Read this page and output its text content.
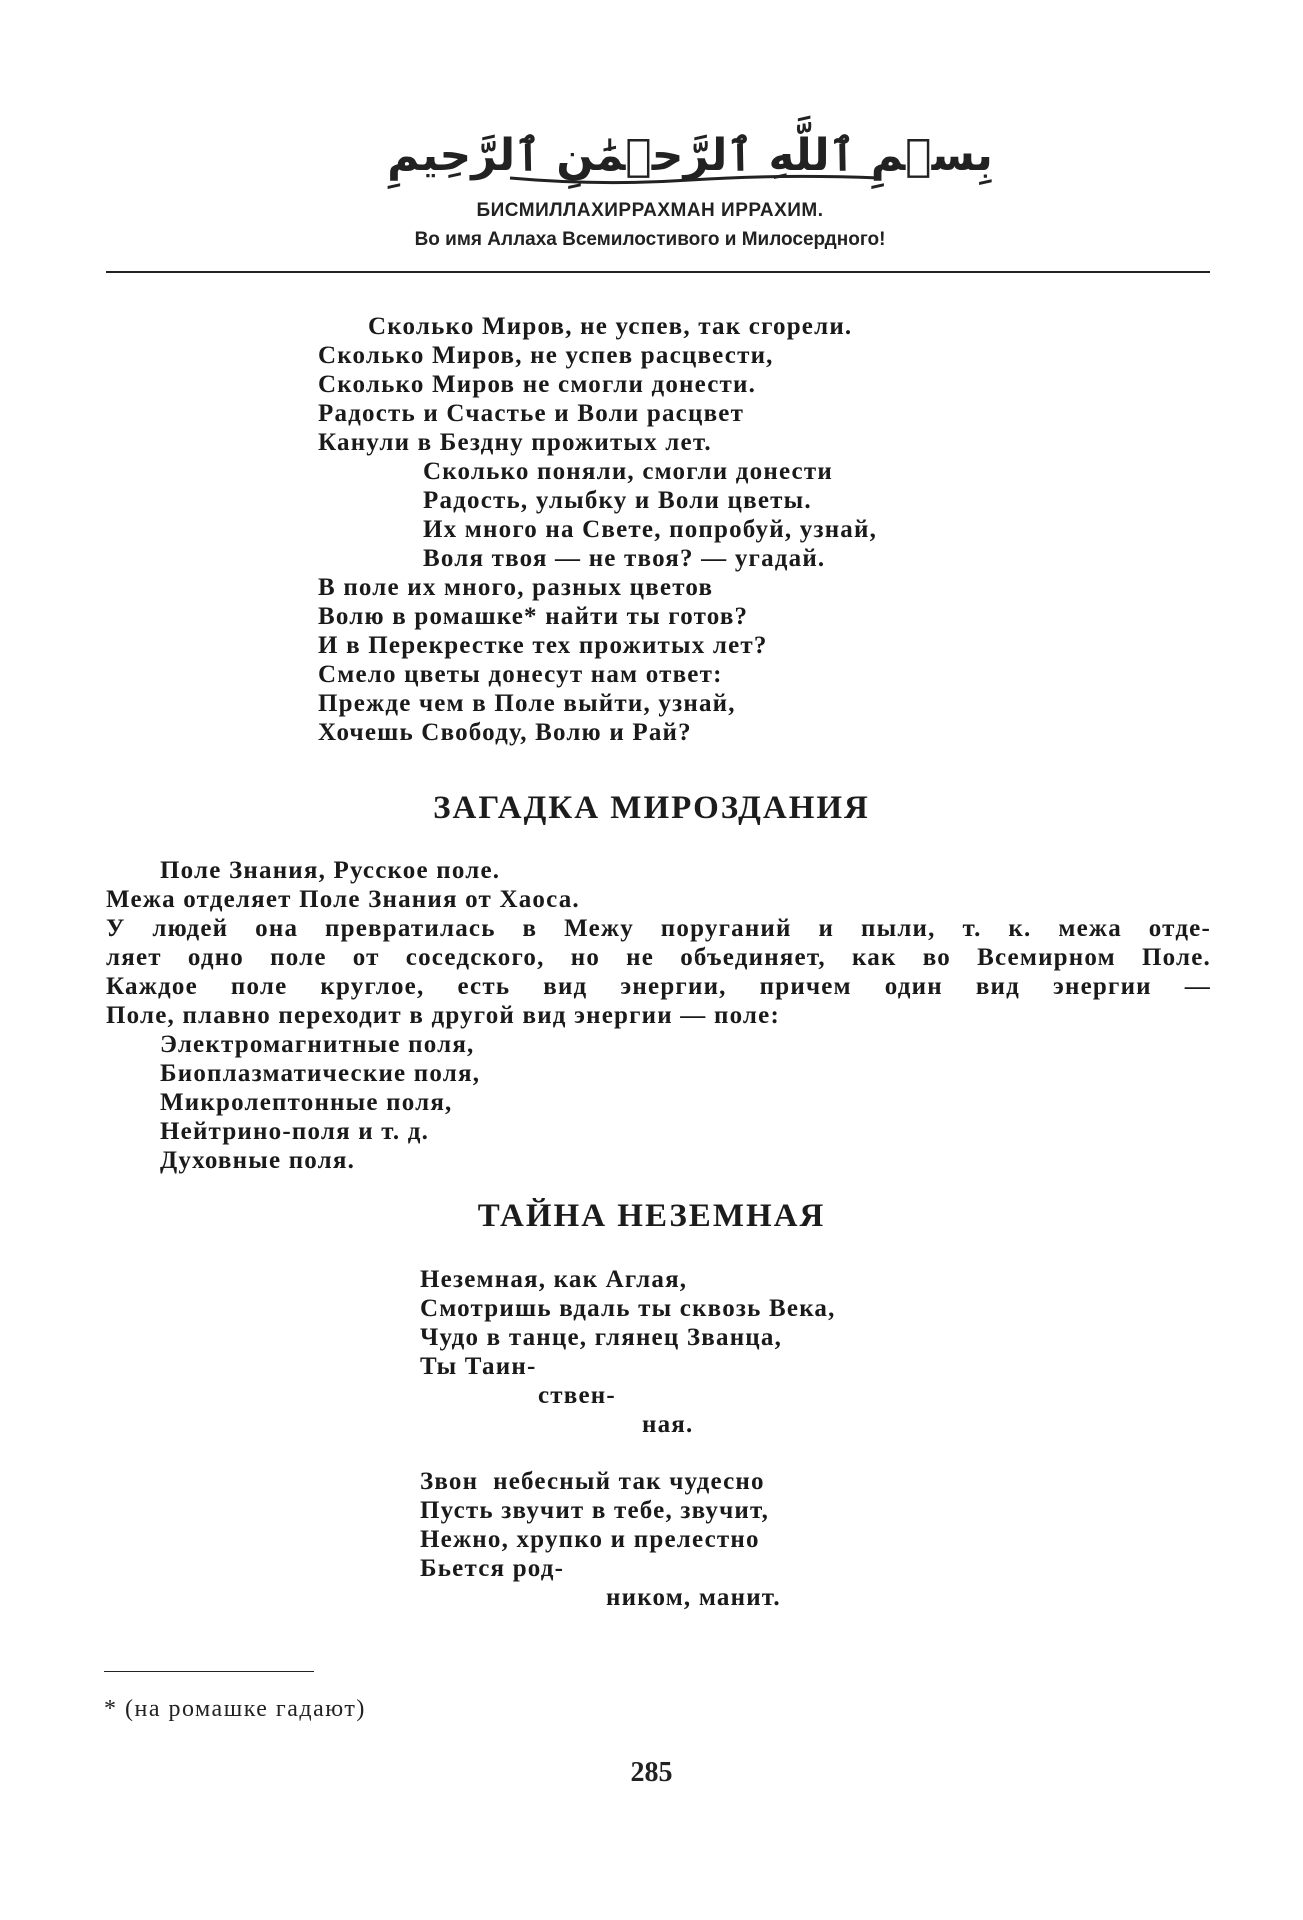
بِسۡمِ ٱللَّهِ ٱلرَّحۡمَٰنِ ٱلرَّحِيمِ
БИСМИЛЛАХИРРАХМАН ИРРАХИМ.
Во имя Аллаха Всемилостивого и Милосердного!
Сколько Миров, не успев, так сгорели.
Сколько Миров, не успев расцвести,
Сколько Миров не смогли донести.
Радость и Счастье и Воли расцвет
Канули в Бездну прожитых лет.
Сколько поняли, смогли донести
Радость, улыбку и Воли цветы.
Их много на Свете, попробуй, узнай,
Воля твоя — не твоя? — угадай.
В поле их много, разных цветов
Волю в ромашке* найти ты готов?
И в Перекрестке тех прожитых лет?
Смело цветы донесут нам ответ:
Прежде чем в Поле выйти, узнай,
Хочешь Свободу, Волю и Рай?
ЗАГАДКА МИРОЗДАНИЯ
Поле Знания, Русское поле.
Межа отделяет Поле Знания от Хаоса.
У людей она превратилась в Межу поруганий и пыли, т. к. межа отде-
ляет одно поле от соседского, но не объединяет, как во Всемирном Поле.
Каждое поле круглое, есть вид энергии, причем один вид энергии —
Поле, плавно переходит в другой вид энергии — поле:
Электромагнитные поля,
Биоплазматические поля,
Микролептонные поля,
Нейтрино-поля и т. д.
Духовные поля.
ТАЙНА НЕЗЕМНАЯ
Неземная, как Аглая,
Смотришь вдаль ты сквозь Века,
Чудо в танце, глянец Званца,
Ты Таин-
ствен-
ная.
Звон  небесный так чудесно
Пусть звучит в тебе, звучит,
Нежно, хрупко и прелестно
Бьется род-
ником, манит.
* (на ромашке гадают)
285
